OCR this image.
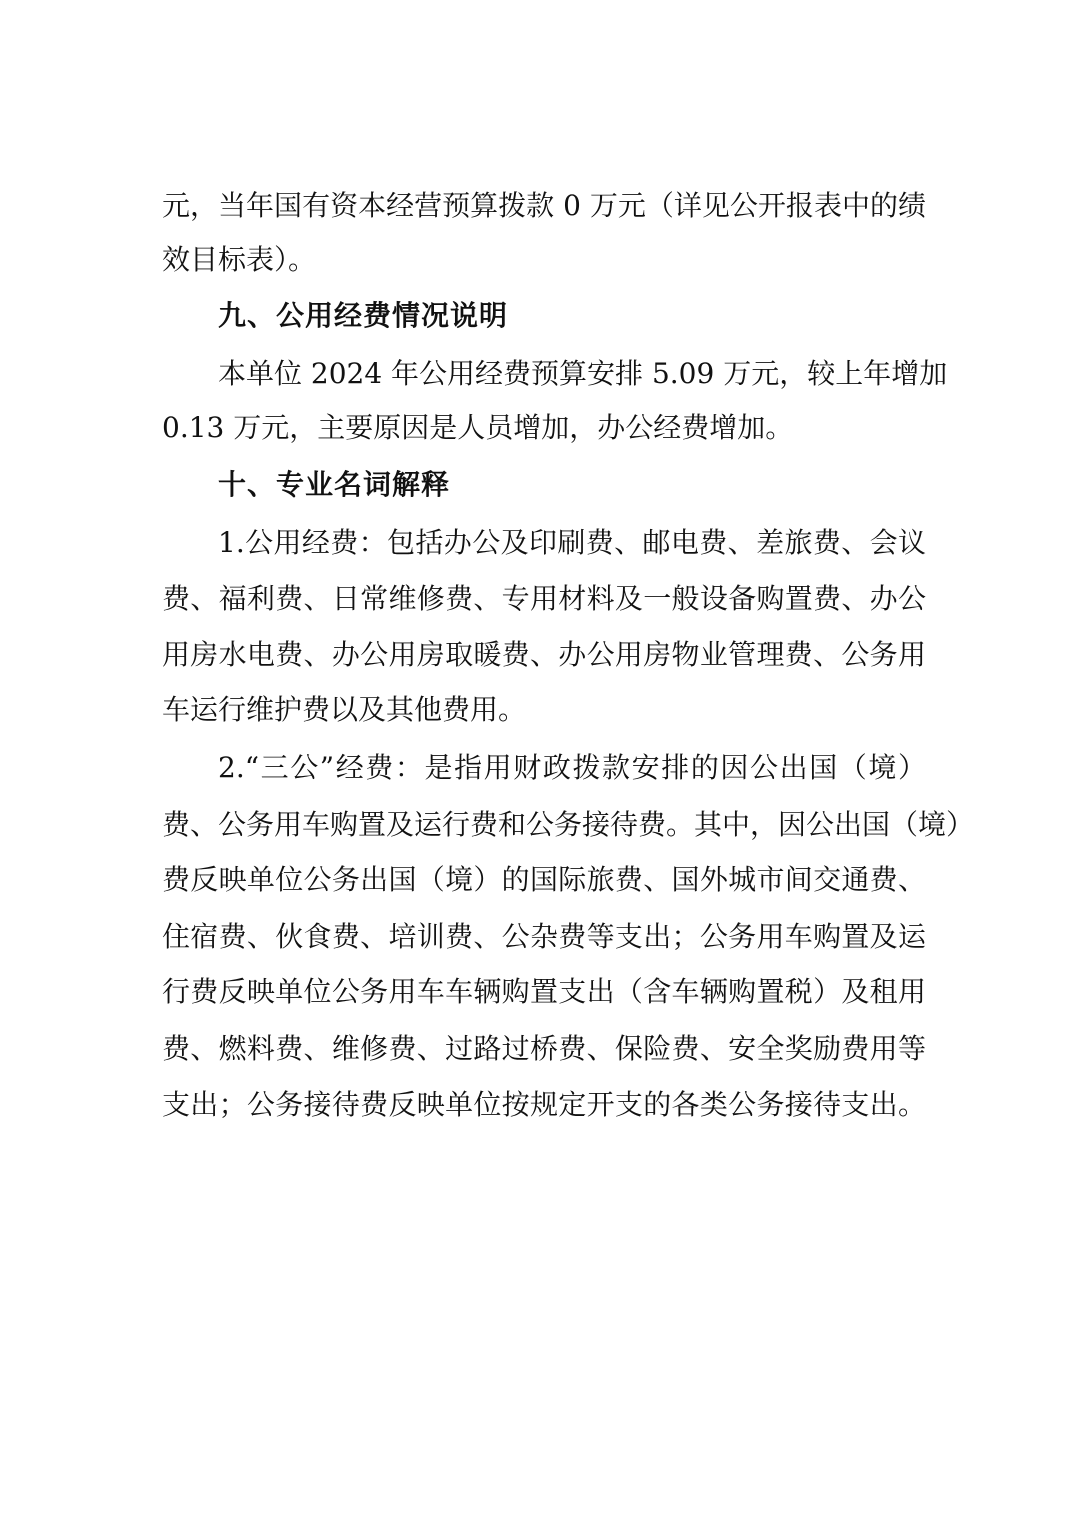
元，当年国有资本经营预算拨款 0 万元（详见公开报表中的绩
效目标表）。
九、公用经费情况说明
本单位 2024 年公用经费预算安排 5.09 万元，较上年增加
0.13 万元，主要原因是人员增加，办公经费增加。
十、专业名词解释
1.公用经费：包括办公及印刷费、邮电费、差旅费、会议
费、福利费、日常维修费、专用材料及一般设备购置费、办公
用房水电费、办公用房取暖费、办公用房物业管理费、公务用
车运行维护费以及其他费用。
2.“三公”经费：是指用财政拨款安排的因公出国（境）
费、公务用车购置及运行费和公务接待费。其中，因公出国（境）
费反映单位公务出国（境）的国际旅费、国外城市间交通费、
住宿费、伙食费、培训费、公杂费等支出；公务用车购置及运
行费反映单位公务用车车辆购置支出（含车辆购置税）及租用
费、燃料费、维修费、过路过桥费、保险费、安全奖励费用等
支出；公务接待费反映单位按规定开支的各类公务接待支出。
